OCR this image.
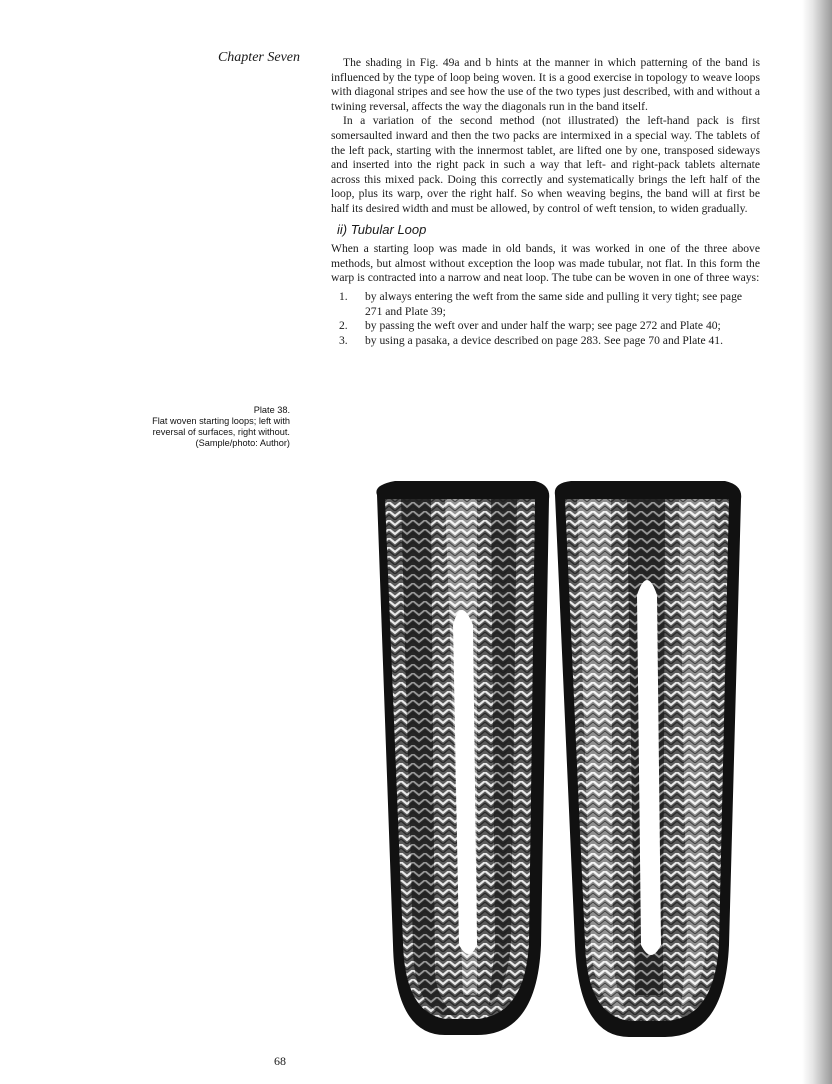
Chapter Seven
Plate 38.
Flat woven starting loops; left with
reversal of surfaces, right without.
(Sample/photo: Author)

The shading in Fig. 49a and b hints at the manner in which patterning of the band is influenced by the type of loop being woven. It is a good exercise in topology to weave loops with diagonal stripes and see how the use of the two types just described, with and without a twining reversal, affects the way the diagonals run in the band itself.

In a variation of the second method (not illustrated) the left-hand pack is first somersaulted inward and then the two packs are intermixed in a special way. The tablets of the left pack, starting with the innermost tablet, are lifted one by one, transposed sideways and inserted into the right pack in such a way that left- and right-pack tablets alternate across this mixed pack. Doing this correctly and systematically brings the left half of the loop, plus its warp, over the right half. So when weaving begins, the band will at first be half its desired width and must be allowed, by control of weft tension, to widen gradually.

ii) Tubular Loop

When a starting loop was made in old bands, it was worked in one of the three above methods, but almost without exception the loop was made tubular, not flat. In this form the warp is contracted into a narrow and neat loop. The tube can be woven in one of three ways:

1.	by always entering the weft from the same side and pulling it very tight; see page 271 and Plate 39;
2.	by passing the weft over and under half the warp; see page 272 and Plate 40;
3.	by using a pasaka, a device described on page 283. See page 70 and Plate 41.
68
